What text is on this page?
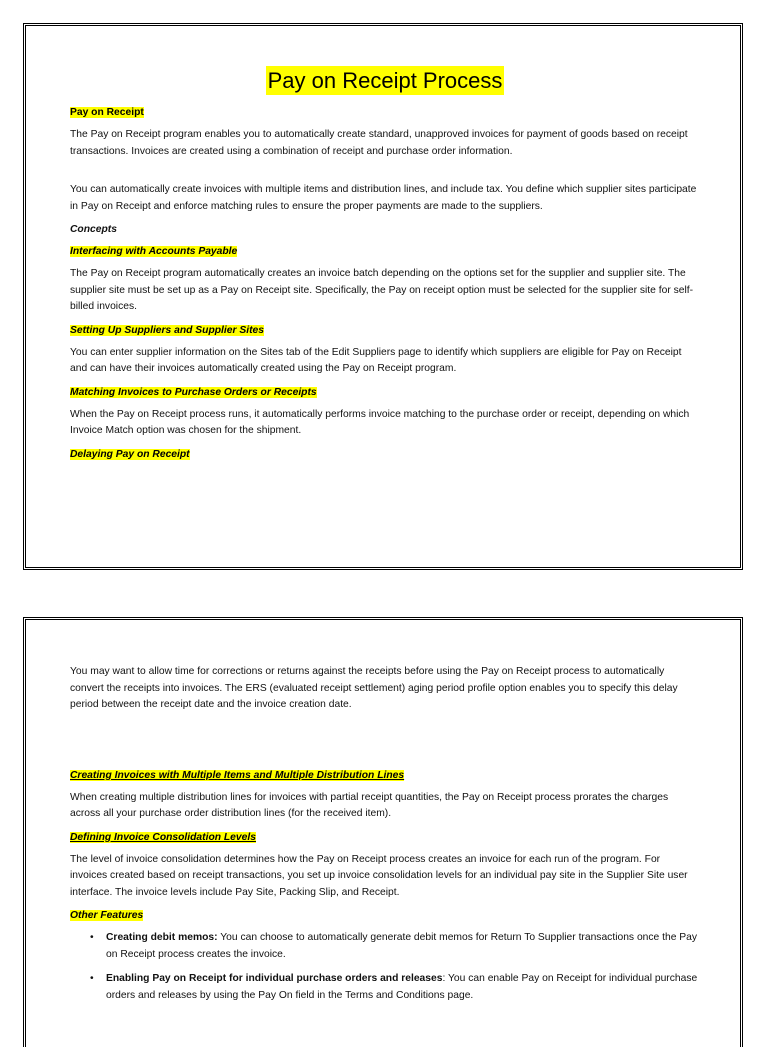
Pay on Receipt Process

Pay on Receipt

The Pay on Receipt program enables you to automatically create standard, unapproved invoices for payment of goods based on receipt transactions. Invoices are created using a combination of receipt and purchase order information.

You can automatically create invoices with multiple items and distribution lines, and include tax. You define which supplier sites participate in Pay on Receipt and enforce matching rules to ensure the proper payments are made to the suppliers.

Concepts

Interfacing with Accounts Payable

The Pay on Receipt program automatically creates an invoice batch depending on the options set for the supplier and supplier site. The supplier site must be set up as a Pay on Receipt site. Specifically, the Pay on receipt option must be selected for the supplier site for self-billed invoices.

Setting Up Suppliers and Supplier Sites

You can enter supplier information on the Sites tab of the Edit Suppliers page to identify which suppliers are eligible for Pay on Receipt and can have their invoices automatically created using the Pay on Receipt program.

Matching Invoices to Purchase Orders or Receipts

When the Pay on Receipt process runs, it automatically performs invoice matching to the purchase order or receipt, depending on which Invoice Match option was chosen for the shipment.

Delaying Pay on Receipt

You may want to allow time for corrections or returns against the receipts before using the Pay on Receipt process to automatically convert the receipts into invoices. The ERS (evaluated receipt settlement) aging period profile option enables you to specify this delay period between the receipt date and the invoice creation date.

Creating Invoices with Multiple Items and Multiple Distribution Lines

When creating multiple distribution lines for invoices with partial receipt quantities, the Pay on Receipt process prorates the charges across all your purchase order distribution lines (for the received item).

Defining Invoice Consolidation Levels

The level of invoice consolidation determines how the Pay on Receipt process creates an invoice for each run of the program. For invoices created based on receipt transactions, you set up invoice consolidation levels for an individual pay site in the Supplier Site user interface. The invoice levels include Pay Site, Packing Slip, and Receipt.

Other Features

• Creating debit memos: You can choose to automatically generate debit memos for Return To Supplier transactions once the Pay on Receipt process creates the invoice.
• Enabling Pay on Receipt for individual purchase orders and releases: You can enable Pay on Receipt for individual purchase orders and releases by using the Pay On field in the Terms and Conditions page.
